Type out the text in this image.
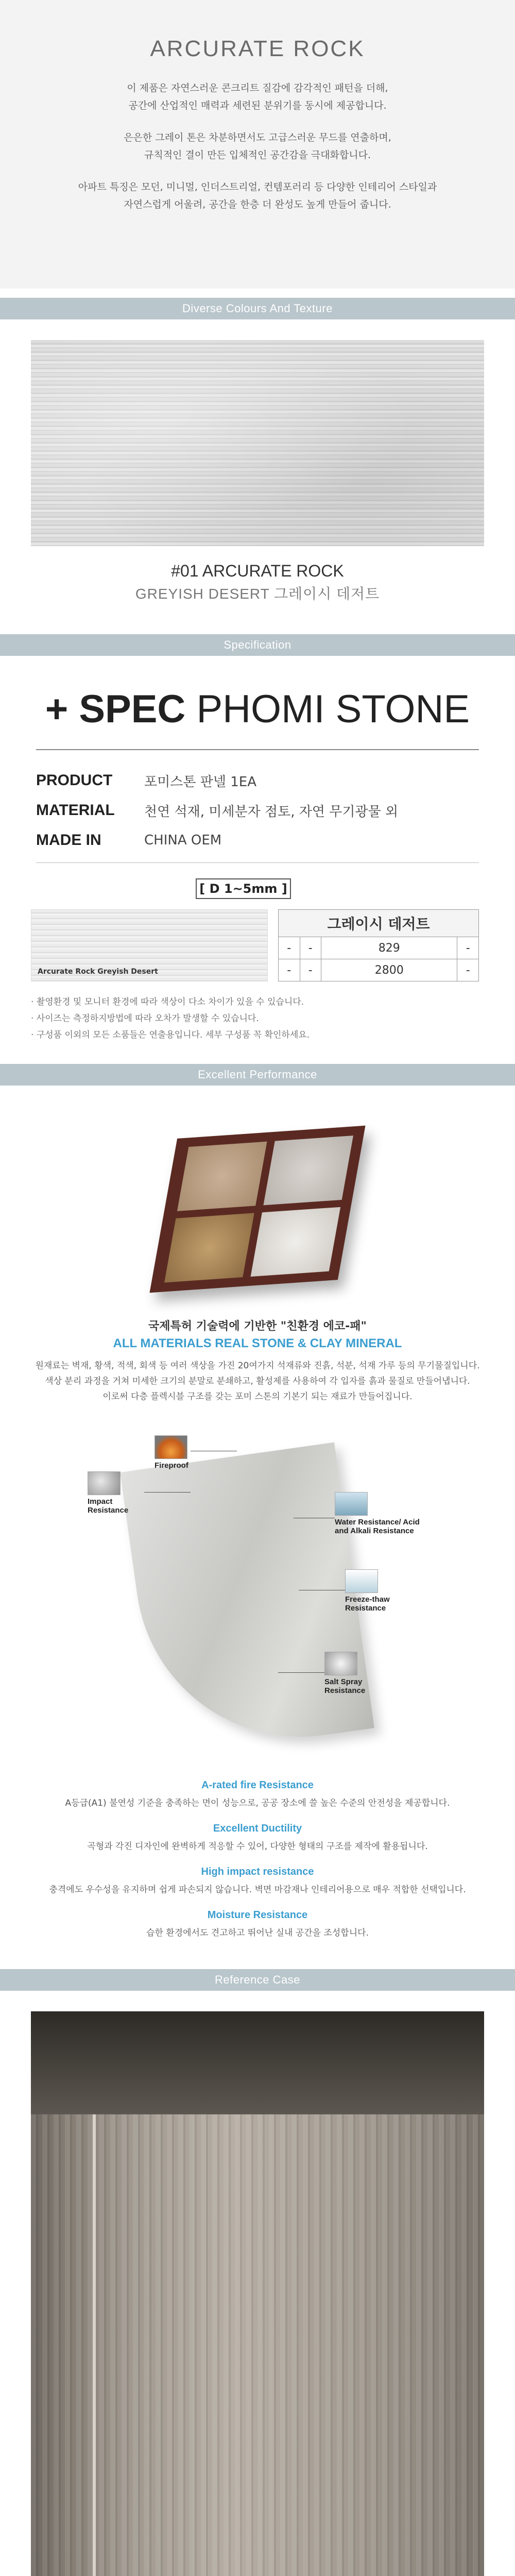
ARCURATE ROCK

이 제품은 자연스러운 콘크리트 질감에 감각적인 패턴을 더해,

공간에 산업적인 매력과 세련된 분위기를 동시에 제공합니다.

은은한 그레이 톤은 차분하면서도 고급스러운 무드를 연출하며,

규칙적인 결이 만든 입체적인 공간감을 극대화합니다.

아파트 특징은 모던, 미니멀, 인더스트리얼, 컨템포러리 등 다양한 인테리어 스타일과

자연스럽게 어울려, 공간을 한층 더 완성도 높게 만들어 줍니다.

Diverse Colours And Texture
#01 ARCURATE ROCK
GREYISH DESERT 그레이시 데저트
Specification
+ SPEC PHOMI STONE
PRODUCT	포미스톤 판넬 1EA
MATERIAL	천연 석재, 미세분자 점토, 자연 무기광물 외
MADE IN	CHINA OEM
[ D 1~5mm ]
Arcurate Rock Greyish Desert
그레이시 데저트			
-	-	829	-
-	-	2800	-

· 촬영환경 및 모니터 환경에 따라 색상이 다소 차이가 있을 수 있습니다.

· 사이즈는 측정하지방법에 따라 오차가 발생할 수 있습니다.

· 구성품 이외의 모든 소품들은 연출용입니다. 세부 구성품 꼭 확인하세요.

Excellent Performance
국제특허 기술력에 기반한 "친환경 에코-패"
ALL MATERIALS REAL STONE & CLAY MINERAL

원재료는 벽재, 황색, 적색, 회색 등 여러 색상을 가진 20여가지 석재류와 진흙, 석분, 석재 가루 등의 무기물질입니다.

색상 분리 과정을 거쳐 미세한 크기의 분말로 분쇄하고, 활성제를 사용하여 각 입자를 흙과 물질로 만들어냅니다.

이로써 다층 플렉시블 구조를 갖는 포미 스톤의 기본기 되는 재료가 만들어집니다.

Fireproof
Impact Resistance
Water Resistance/ Acid and Alkali Resistance
Freeze-thaw Resistance
Salt Spray Resistance
A-rated fire Resistance
A등급(A1) 불연성 기준을 충족하는 면이 성능으로, 공공 장소에 쓸 높은 수준의 안전성을 제공합니다.
Excellent Ductility
곡형과 각진 디자인에 완벽하게 적응할 수 있어, 다양한 형태의 구조를 제작에 활용됩니다.
High impact resistance
충격에도 우수성을 유지하며 쉽게 파손되지 않습니다. 벽면 마감재나 인테리어용으로 매우 적합한 선택입니다.
Moisture Resistance
습한 환경에서도 견고하고 뛰어난 실내 공간을 조성합니다.
Reference Case
